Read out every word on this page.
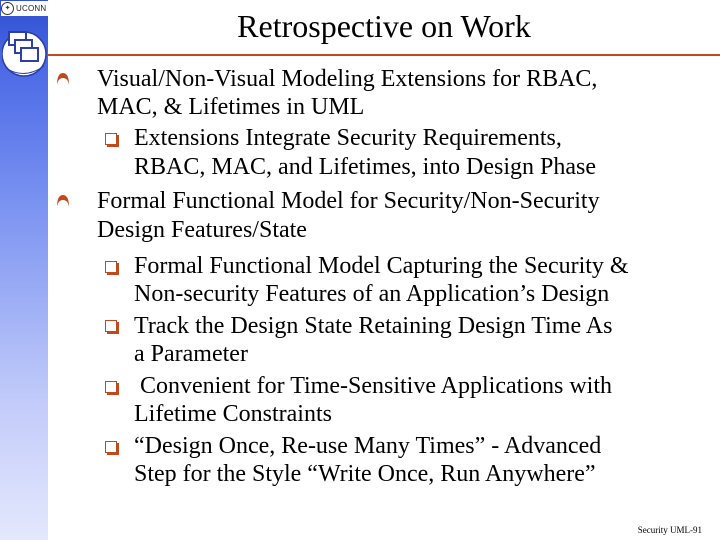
✦ UCONN	Retrospective on Work
Visual/Non-Visual Modeling Extensions for RBAC,
MAC, & Lifetimes in UML
Extensions Integrate Security Requirements,
RBAC, MAC, and Lifetimes, into Design Phase
Formal Functional Model for Security/Non-Security
Design Features/State
Formal Functional Model Capturing the Security &
Non-security Features of an Application’s Design
Track the Design State Retaining Design Time As
a Parameter
Convenient for Time-Sensitive Applications with
Lifetime Constraints
“Design Once, Re-use Many Times” - Advanced
Step for the Style “Write Once, Run Anywhere”
Security UML-91
